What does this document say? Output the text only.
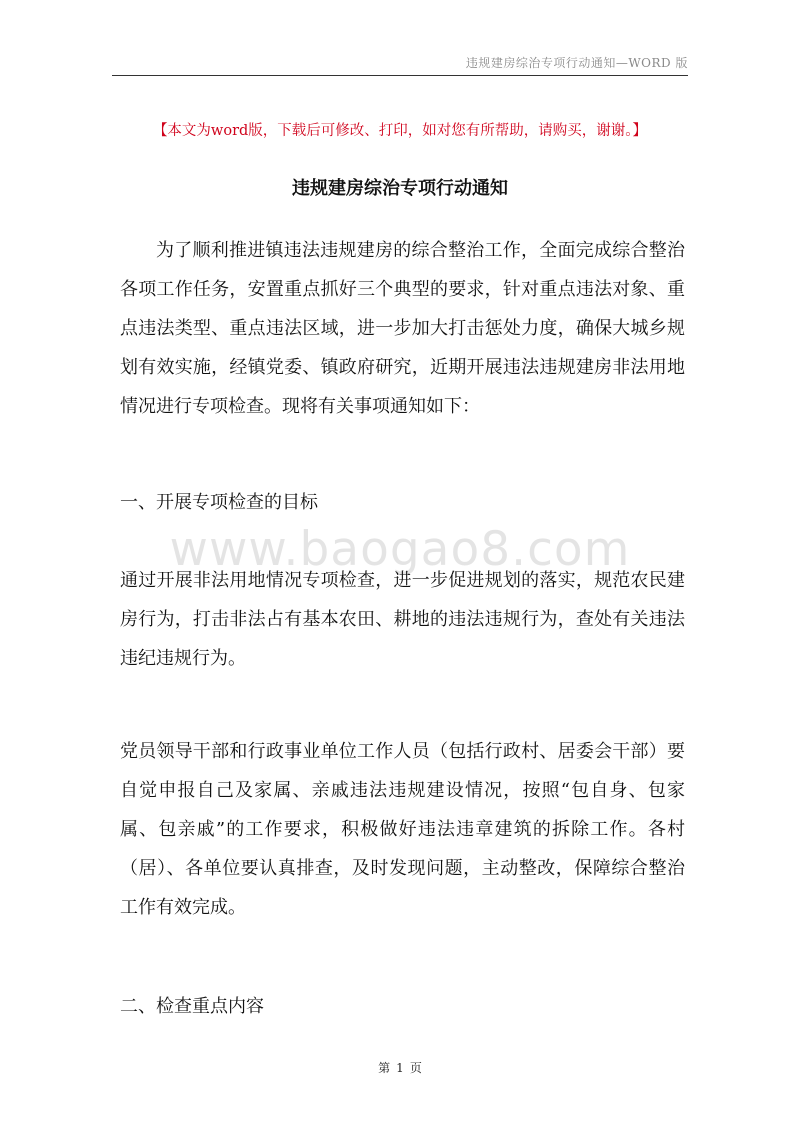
违规建房综治专项行动通知—WORD 版
【本文为word版，下载后可修改、打印，如对您有所帮助，请购买，谢谢。】
违规建房综治专项行动通知

为了顺利推进镇违法违规建房的综合整治工作，全面完成综合整治各项工作任务，安置重点抓好三个典型的要求，针对重点违法对象、重点违法类型、重点违法区域，进一步加大打击惩处力度，确保大城乡规划有效实施，经镇党委、镇政府研究，近期开展违法违规建房非法用地情况进行专项检查。现将有关事项通知如下：

一、开展专项检查的目标

www.baogao8.com

通过开展非法用地情况专项检查，进一步促进规划的落实，规范农民建房行为，打击非法占有基本农田、耕地的违法违规行为，查处有关违法违纪违规行为。

党员领导干部和行政事业单位工作人员（包括行政村、居委会干部）要自觉申报自己及家属、亲戚违法违规建设情况，按照“包自身、包家属、包亲戚”的工作要求，积极做好违法违章建筑的拆除工作。各村（居）、各单位要认真排查，及时发现问题，主动整改，保障综合整治工作有效完成。

二、检查重点内容

第 1 页
